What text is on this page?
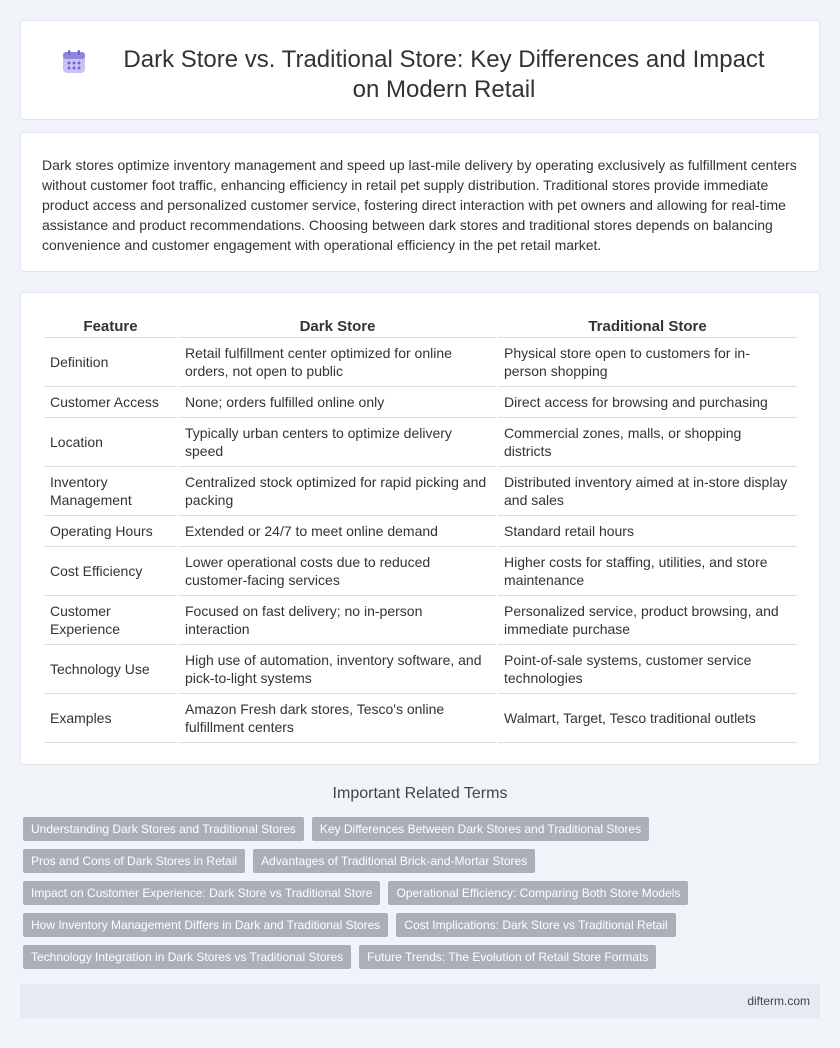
Dark Store vs. Traditional Store: Key Differences and Impact on Modern Retail

Dark stores optimize inventory management and speed up last-mile delivery by operating exclusively as fulfillment centers without customer foot traffic, enhancing efficiency in retail pet supply distribution. Traditional stores provide immediate product access and personalized customer service, fostering direct interaction with pet owners and allowing for real-time assistance and product recommendations. Choosing between dark stores and traditional stores depends on balancing convenience and customer engagement with operational efficiency in the pet retail market.

Feature	Dark Store	Traditional Store
Definition	Retail fulfillment center optimized for online orders, not open to public	Physical store open to customers for in-person shopping
Customer Access	None; orders fulfilled online only	Direct access for browsing and purchasing
Location	Typically urban centers to optimize delivery speed	Commercial zones, malls, or shopping districts
Inventory Management	Centralized stock optimized for rapid picking and packing	Distributed inventory aimed at in-store display and sales
Operating Hours	Extended or 24/7 to meet online demand	Standard retail hours
Cost Efficiency	Lower operational costs due to reduced customer-facing services	Higher costs for staffing, utilities, and store maintenance
Customer Experience	Focused on fast delivery; no in-person interaction	Personalized service, product browsing, and immediate purchase
Technology Use	High use of automation, inventory software, and pick-to-light systems	Point-of-sale systems, customer service technologies
Examples	Amazon Fresh dark stores, Tesco's online fulfillment centers	Walmart, Target, Tesco traditional outlets
Important Related Terms
Understanding Dark Stores and Traditional Stores	Key Differences Between Dark Stores and Traditional Stores
Pros and Cons of Dark Stores in Retail	Advantages of Traditional Brick-and-Mortar Stores
Impact on Customer Experience: Dark Store vs Traditional Store	Operational Efficiency: Comparing Both Store Models
How Inventory Management Differs in Dark and Traditional Stores	Cost Implications: Dark Store vs Traditional Retail
Technology Integration in Dark Stores vs Traditional Stores	Future Trends: The Evolution of Retail Store Formats
difterm.com
